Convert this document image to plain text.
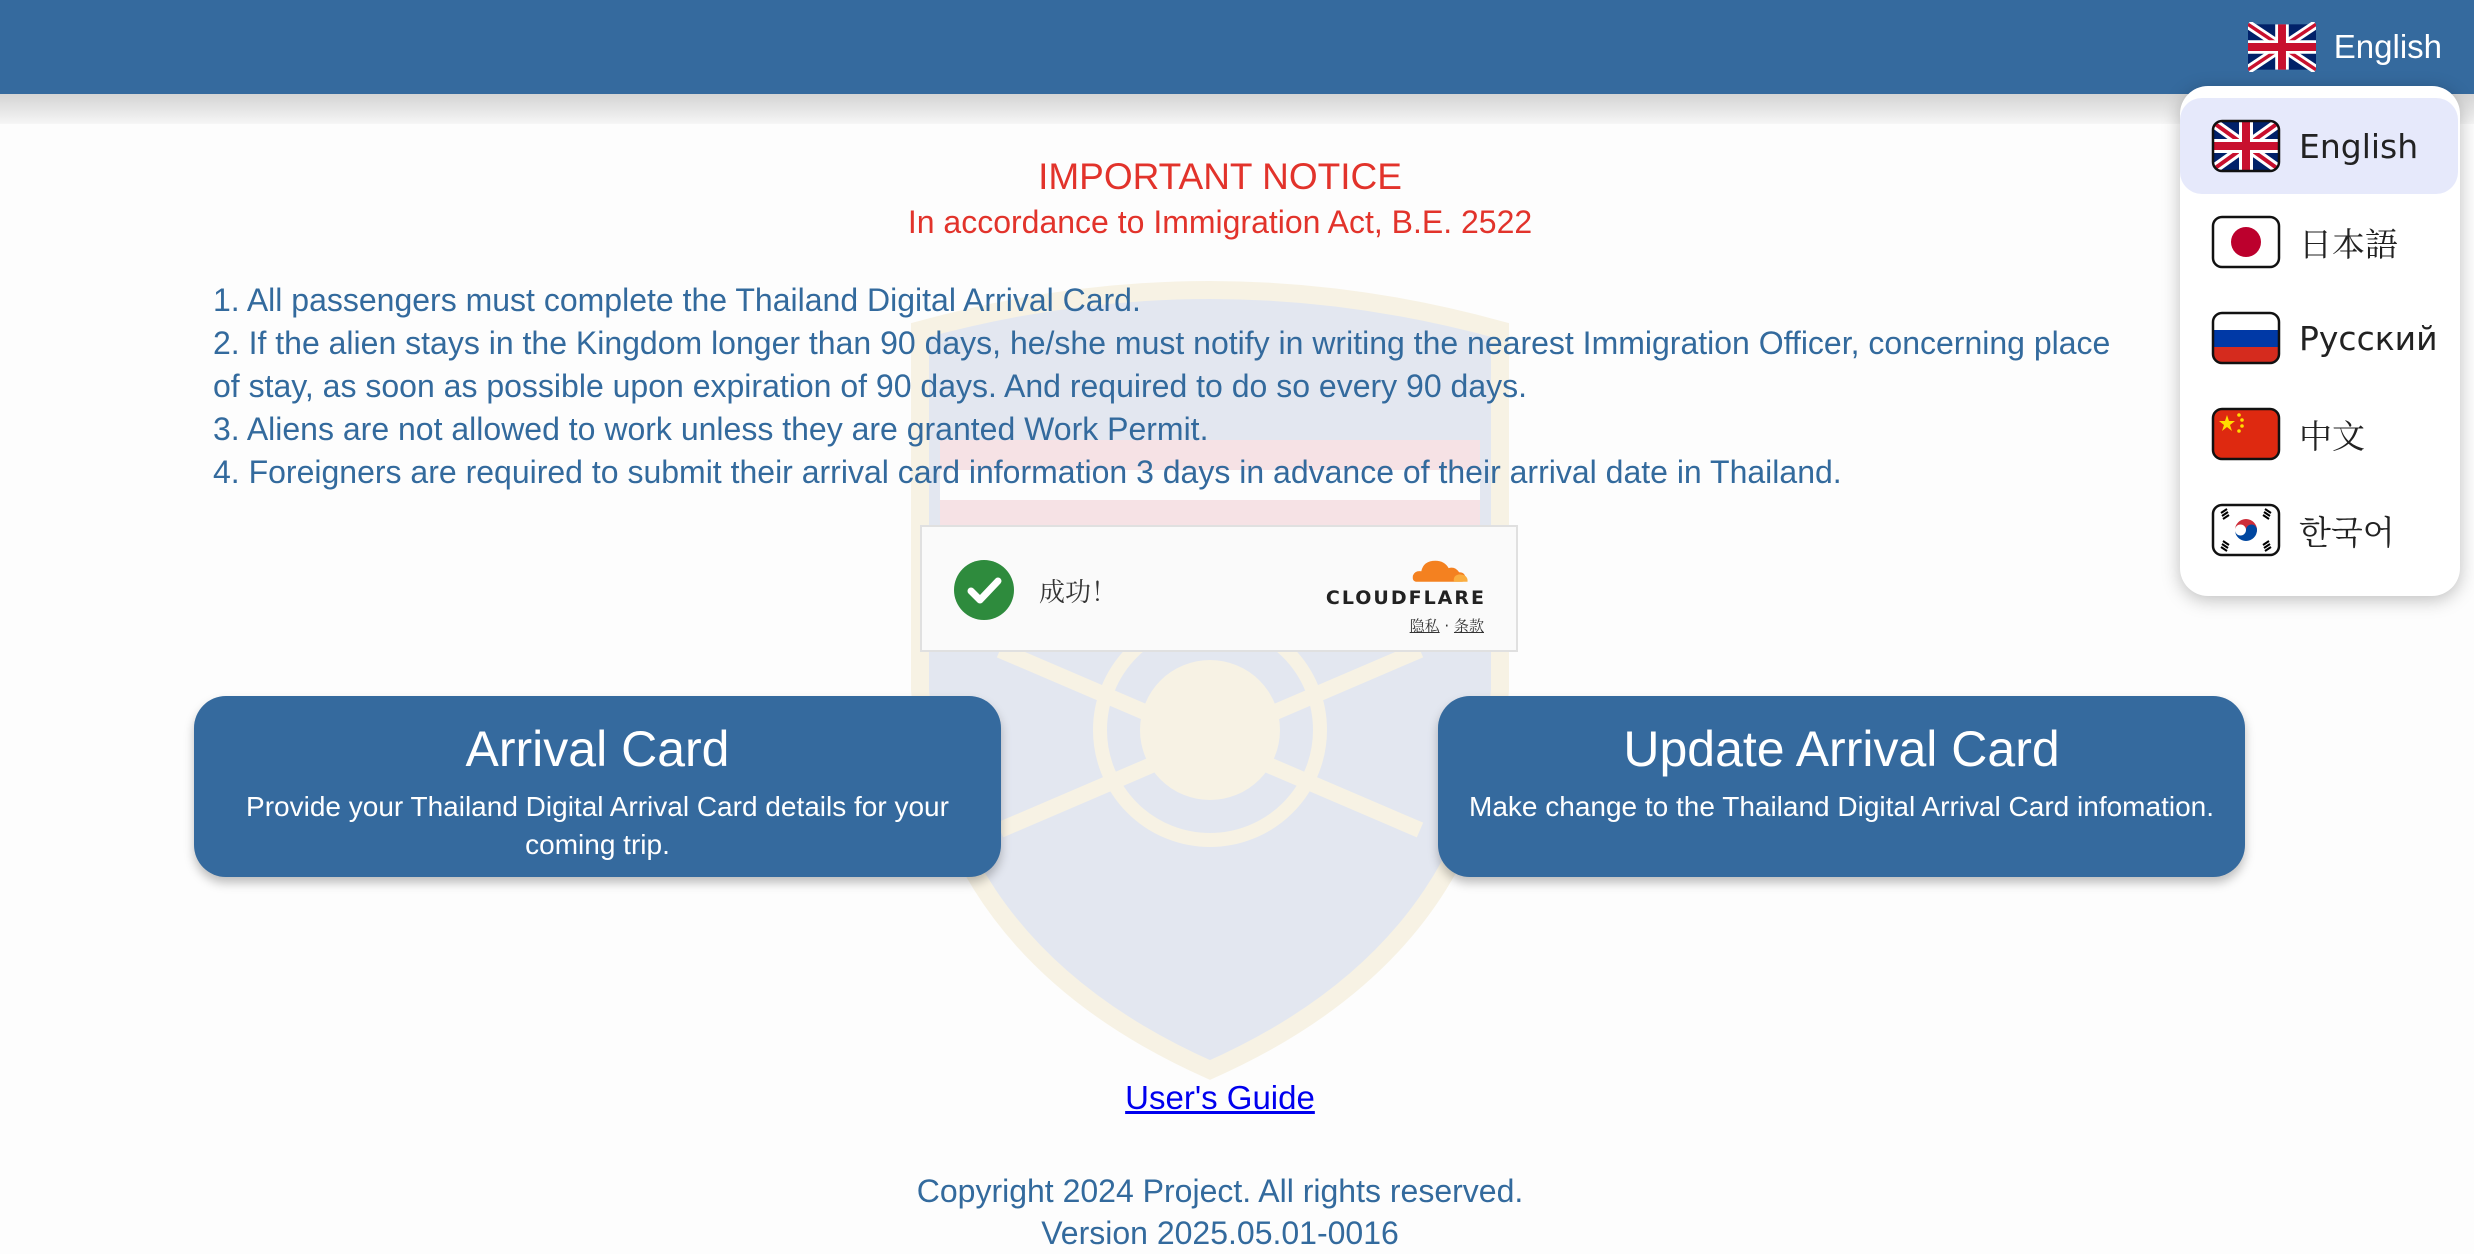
English
IMPORTANT NOTICE
In accordance to Immigration Act, B.E. 2522

1. All passengers must complete the Thailand Digital Arrival Card.

2. If the alien stays in the Kingdom longer than 90 days, he/she must notify in writing the nearest Immigration Officer, concerning place

of stay, as soon as possible upon expiration of 90 days. And required to do so every 90 days.

3. Aliens are not allowed to work unless they are granted Work Permit.

4. Foreigners are required to submit their arrival card information 3 days in advance of their arrival date in Thailand.

成功！	CLOUDFLARE
隐私 · 条款
Arrival Card
Provide your Thailand Digital Arrival Card details for your coming trip.
Update Arrival Card
Make change to the Thailand Digital Arrival Card infomation.
User's Guide
Copyright 2024 Project. All rights reserved.
Version 2025.05.01-0016
English
日本語
Русский
中文
한국어
